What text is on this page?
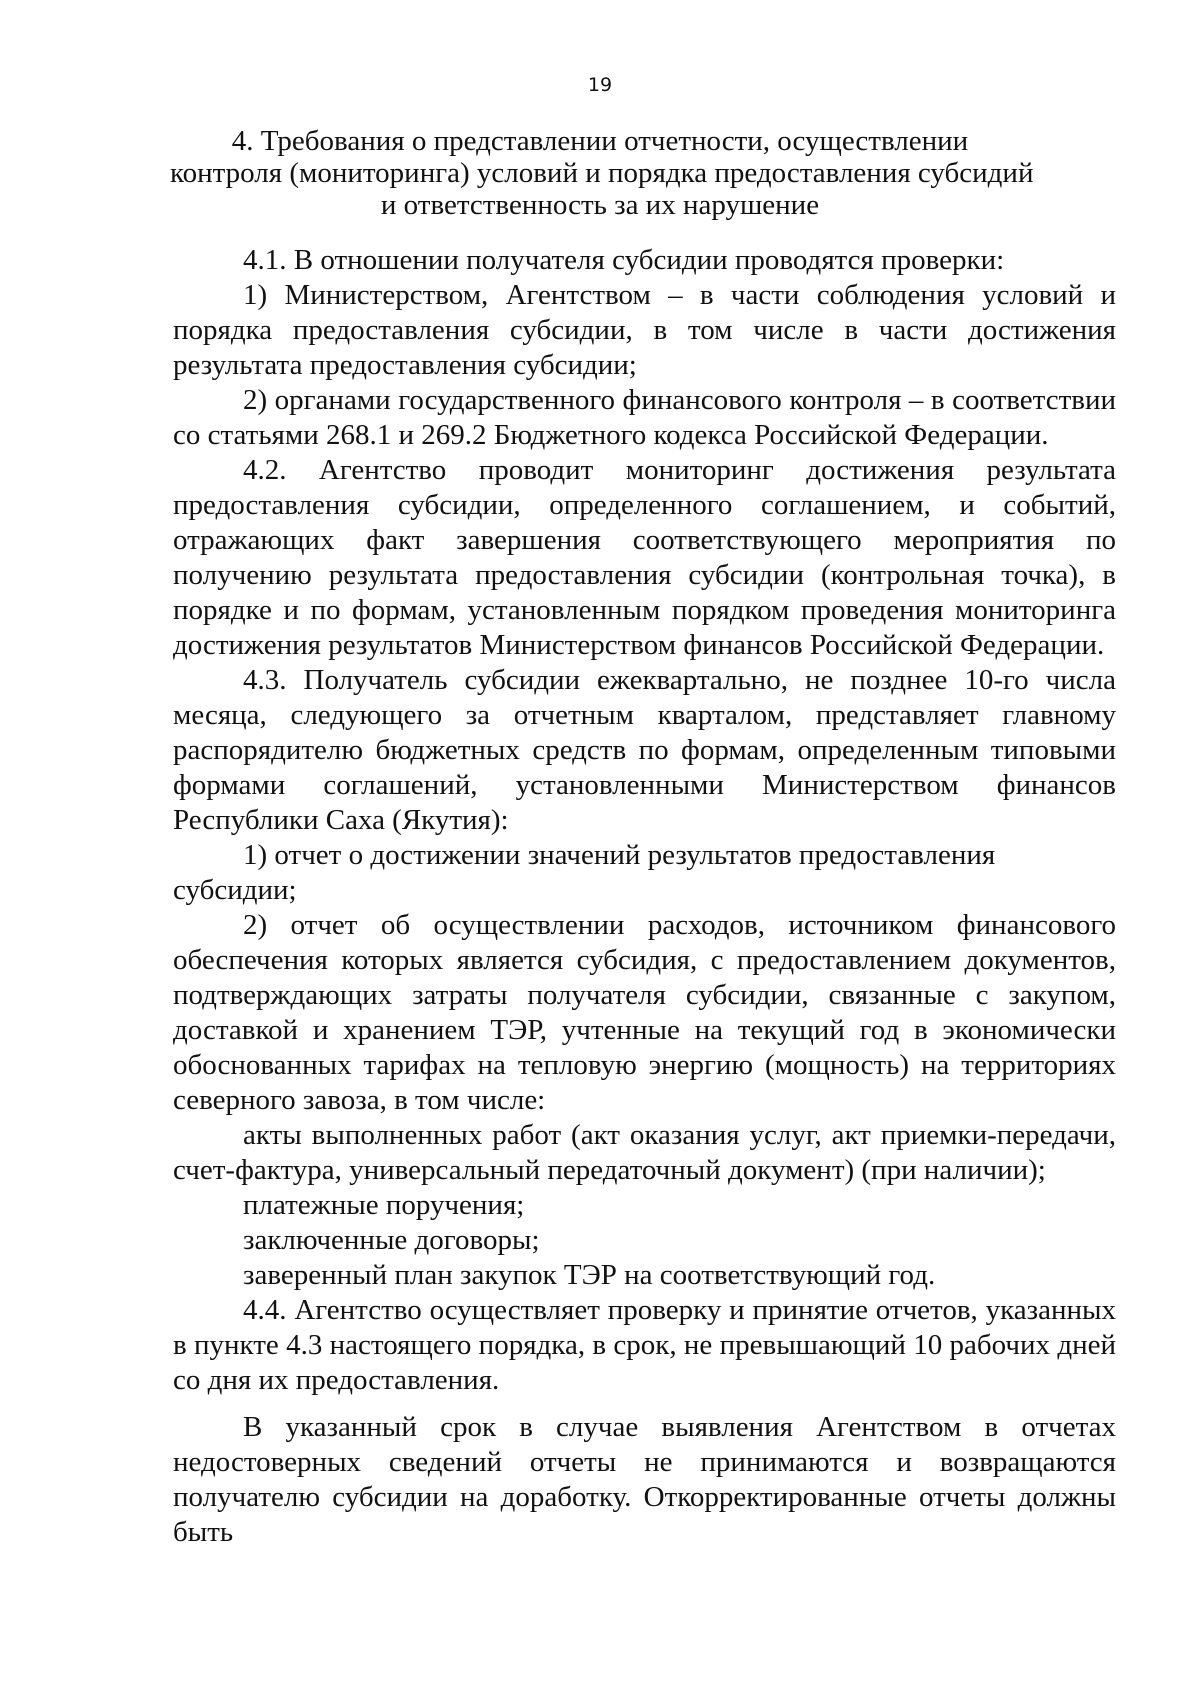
19
4. Требования о представлении отчетности, осуществлении
контроля (мониторинга) условий и порядка предоставления субсидий
и ответственность за их нарушение

4.1. В отношении получателя субсидии проводятся проверки:

1) Министерством, Агентством – в части соблюдения условий и порядка предоставления субсидии, в том числе в части достижения результата предоставления субсидии;

2) органами государственного финансового контроля – в соответствии со статьями 268.1 и 269.2 Бюджетного кодекса Российской Федерации.

4.2. Агентство проводит мониторинг достижения результата предоставления субсидии, определенного соглашением, и событий, отражающих факт завершения соответствующего мероприятия по получению результата предоставления субсидии (контрольная точка), в порядке и по формам, установленным порядком проведения мониторинга достижения результатов Министерством финансов Российской Федерации.

4.3. Получатель субсидии ежеквартально, не позднее 10-го числа месяца, следующего за отчетным кварталом, представляет главному распорядителю бюджетных средств по формам, определенным типовыми формами соглашений, установленными Министерством финансов Республики Саха (Якутия):

1) отчет о достижении значений результатов предоставления субсидии;

2) отчет об осуществлении расходов, источником финансового обеспечения которых является субсидия, с предоставлением документов, подтверждающих затраты получателя субсидии, связанные с закупом, доставкой и хранением ТЭР, учтенные на текущий год в экономически обоснованных тарифах на тепловую энергию (мощность) на территориях северного завоза, в том числе:

акты выполненных работ (акт оказания услуг, акт приемки-передачи, счет-фактура, универсальный передаточный документ) (при наличии);

платежные поручения;

заключенные договоры;

заверенный план закупок ТЭР на соответствующий год.

4.4. Агентство осуществляет проверку и принятие отчетов, указанных в пункте 4.3 настоящего порядка, в срок, не превышающий 10 рабочих дней со дня их предоставления.

В указанный срок в случае выявления Агентством в отчетах недостоверных сведений отчеты не принимаются и возвращаются получателю субсидии на доработку. Откорректированные отчеты должны быть
